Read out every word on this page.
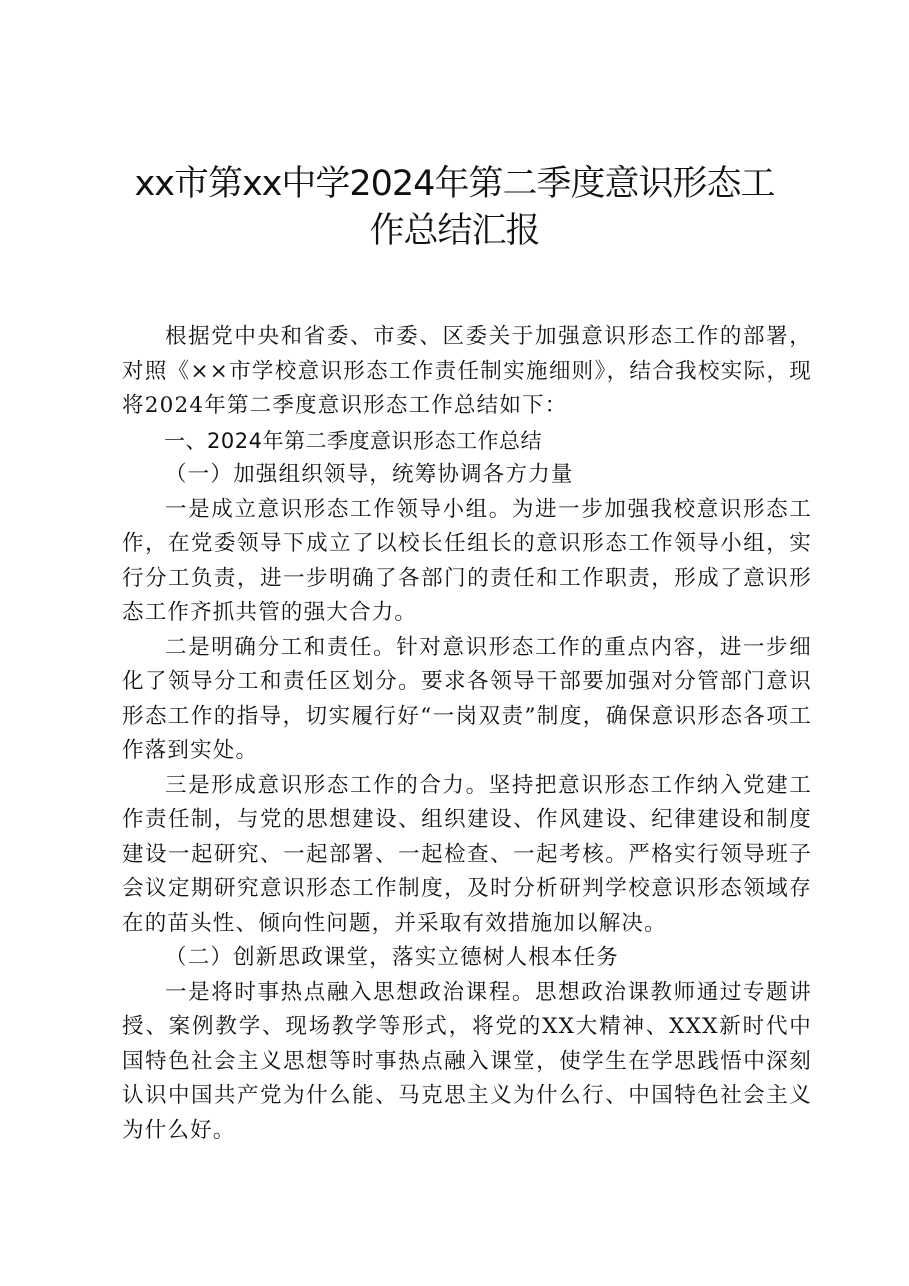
xx市第xx中学2024年第二季度意识形态工
作总结汇报

根据党中央和省委、市委、区委关于加强意识形态工作的部署，对照《××市学校意识形态工作责任制实施细则》，结合我校实际，现将2024年第二季度意识形态工作总结如下：

一、2024年第二季度意识形态工作总结

（一）加强组织领导，统筹协调各方力量

一是成立意识形态工作领导小组。为进一步加强我校意识形态工作，在党委领导下成立了以校长任组长的意识形态工作领导小组，实行分工负责，进一步明确了各部门的责任和工作职责，形成了意识形态工作齐抓共管的强大合力。

二是明确分工和责任。针对意识形态工作的重点内容，进一步细化了领导分工和责任区划分。要求各领导干部要加强对分管部门意识形态工作的指导，切实履行好“一岗双责”制度，确保意识形态各项工作落到实处。

三是形成意识形态工作的合力。坚持把意识形态工作纳入党建工作责任制，与党的思想建设、组织建设、作风建设、纪律建设和制度建设一起研究、一起部署、一起检查、一起考核。严格实行领导班子会议定期研究意识形态工作制度，及时分析研判学校意识形态领域存在的苗头性、倾向性问题，并采取有效措施加以解决。

（二）创新思政课堂，落实立德树人根本任务

一是将时事热点融入思想政治课程。思想政治课教师通过专题讲授、案例教学、现场教学等形式，将党的XX大精神、XXX新时代中国特色社会主义思想等时事热点融入课堂，使学生在学思践悟中深刻认识中国共产党为什么能、马克思主义为什么行、中国特色社会主义为什么好。
